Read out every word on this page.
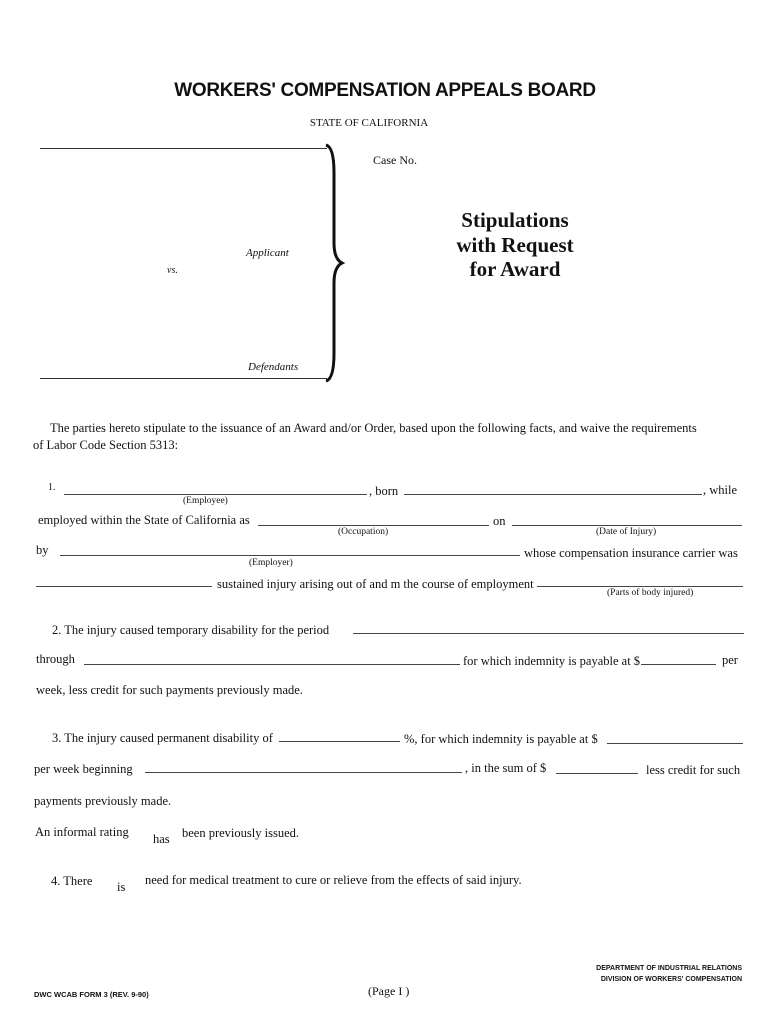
WORKERS' COMPENSATION APPEALS BOARD
STATE OF CALIFORNIA
Case No.
Applicant
vs.
Defendants
Stipulations
with Request
for Award
The parties hereto stipulate to the issuance of an Award and/or Order, based upon the following facts, and waive the requirements
of Labor Code Section 5313:
1.	, born	, while
(Employee)
employed within the State of California as	on
(Occupation)	(Date of Injury)
by	whose compensation insurance carrier was
(Employer)
sustained injury arising out of and m the course of employment
(Parts of body injured)
2. The injury caused temporary disability for the period
through	for which indemnity is payable at $	per
week, less credit for such payments previously made.
3. The injury caused permanent disability of	%, for which indemnity is payable at $
per week beginning	, in the sum of $	less credit for such
payments previously made.
An informal rating has been previously issued.
4. There is need for medical treatment to cure or relieve from the effects of said injury.
DWC WCAB FORM 3 (REV. 9-90)	(Page I )
DEPARTMENT OF INDUSTRIAL RELATIONS
DIVISION OF WORKERS' COMPENSATION
